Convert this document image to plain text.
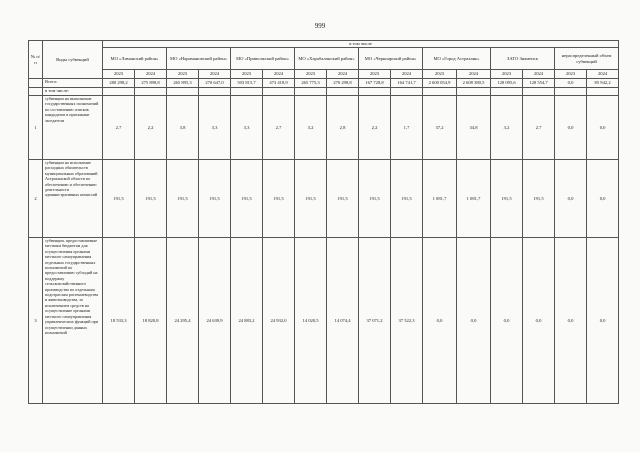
999
№ п/п	Виды субвенций	в том числе															
		МО «Лиманский район»		МО «Наримановский район»		МО «Приволжский район»		МО «Харабалинский район»		МО «Черноярский район»		МО «Город Астрахань»		ЗАТО Знаменск		нераспределенный объем субвенций	
		2023	2024	2023	2024	2023	2024	2023	2024	2023	2024	2023	2024	2023	2024	2023	2024
	Всего:	280 298,2	275 898,8	265 895,3	270 647,0	503 815,7	473 418,9	265 775,3	270 298,8	167 728,8	164 741,7	2 600 054,9	2 608 380,5	128 095,6	128 554,7	0,0	85 942,2
	в том числе:																
1	субвенции на выполнение государственных полномочий по составлению списков кандидатов в присяжные заседатели	2,7	2,2	3,8	3,3	3,3	2,7	3,2	2,8	2,2	1,7	37,2	34,8	3,2	2,7	0,0	0,0
2	субвенции на исполнение расходных обязательств муниципальных образований Астраханской области по обеспечению и обеспечению деятельности административных комиссий	191,5	191,5	191,5	191,5	191,5	191,5	191,5	191,5	191,5	191,5	1 081,7	1 081,7	191,5	191,5	0,0	0,0
3	субвенции, предоставляемые местным бюджетам для осуществления органами местного самоуправления отдельных государственных полномочий по предоставлению субсидий на поддержку сельскохозяйственного производства по отдельным подотраслям растениеводства и животноводства, за исключением средств на осуществление органами местного самоуправления управленческих функций при осуществлении данных полномочий	18 533,3	18 820,8	24 295,4	24 639,9	24 883,2	24 932,0	14 020,5	14 074,4	37 071,2	37 522,3	0,0	0,0	0,0	0,0	0,0	0,0
